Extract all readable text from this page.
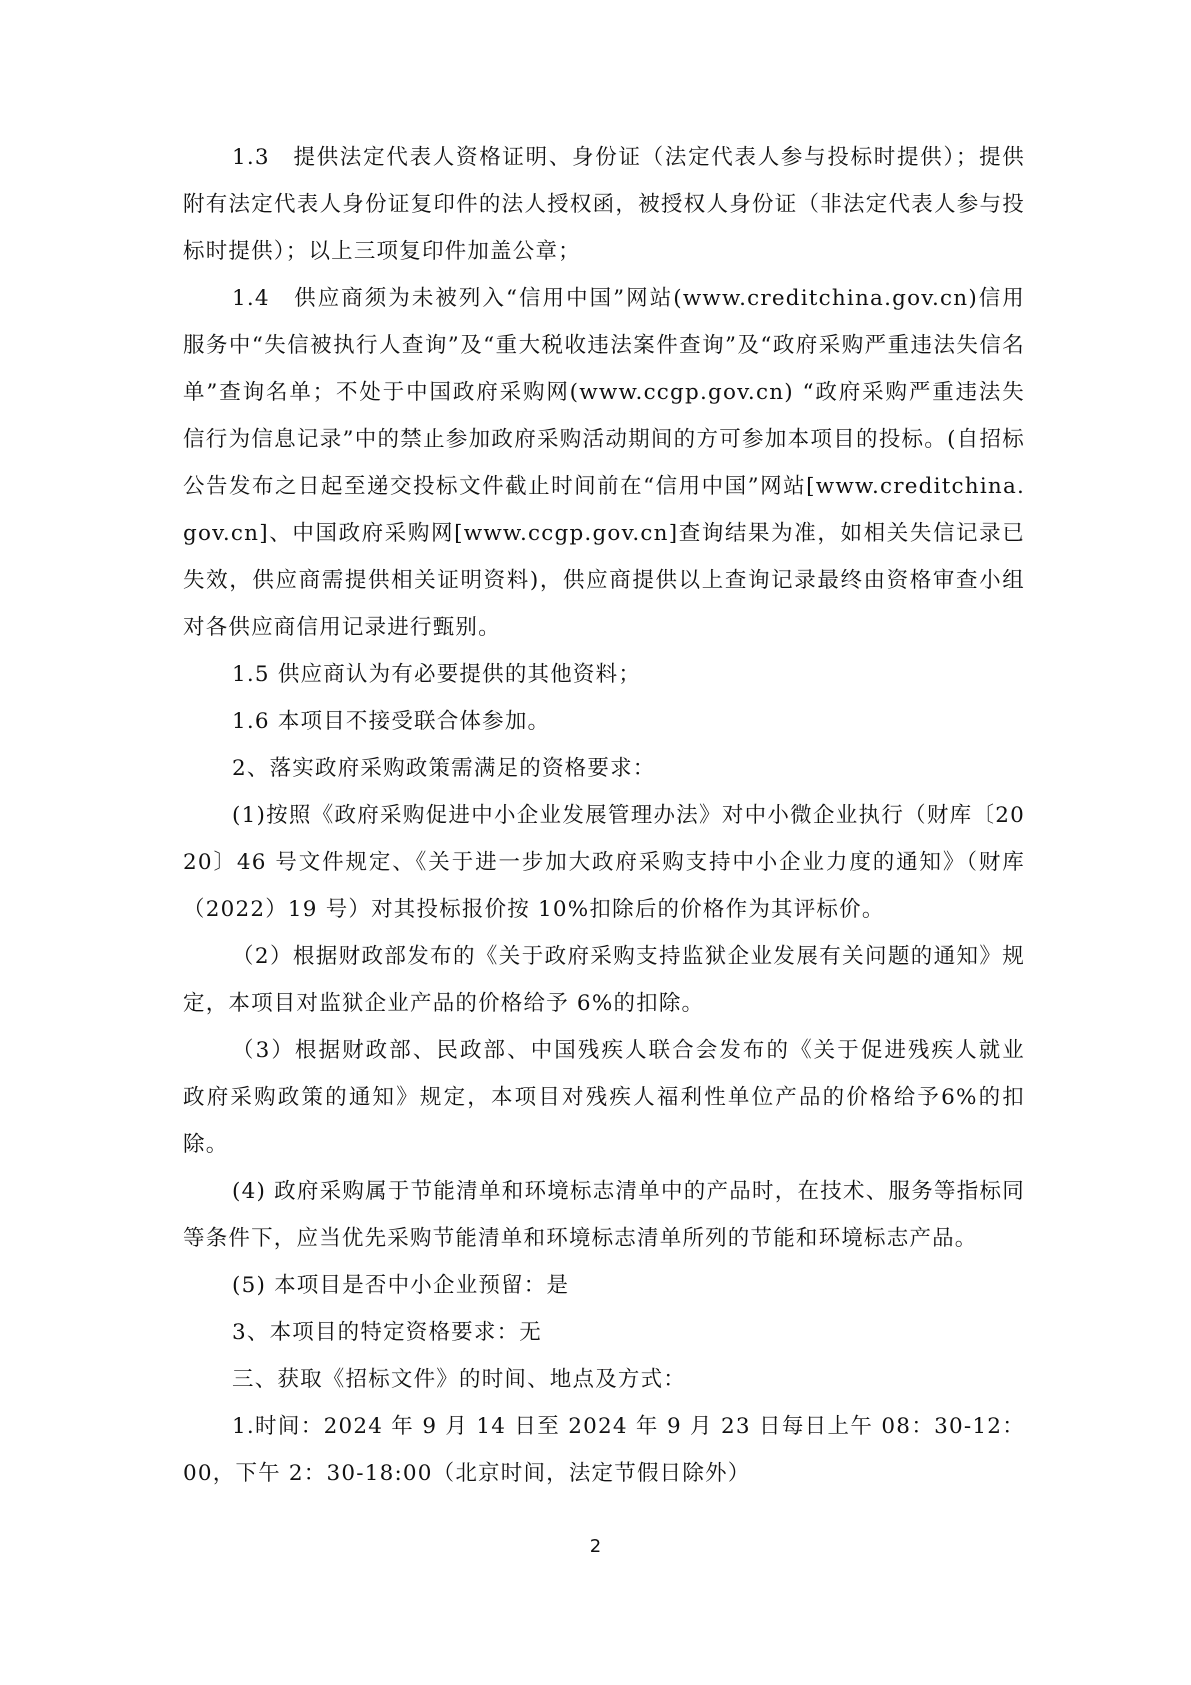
1.3　提供法定代表人资格证明、身份证（法定代表人参与投标时提供）；提供附有法定代表人身份证复印件的法人授权函，被授权人身份证（非法定代表人参与投标时提供）；以上三项复印件加盖公章；

1.4　供应商须为未被列入“信用中国”网站(www.creditchina.gov.cn)信用服务中“失信被执行人查询”及“重大税收违法案件查询”及“政府采购严重违法失信名单”查询名单；不处于中国政府采购网(www.ccgp.gov.cn) “政府采购严重违法失信行为信息记录”中的禁止参加政府采购活动期间的方可参加本项目的投标。(自招标公告发布之日起至递交投标文件截止时间前在“信用中国”网站[www.creditchina.gov.cn]、中国政府采购网[www.ccgp.gov.cn]查询结果为准，如相关失信记录已失效，供应商需提供相关证明资料)，供应商提供以上查询记录最终由资格审查小组对各供应商信用记录进行甄别。

1.5 供应商认为有必要提供的其他资料；

1.6 本项目不接受联合体参加。

2、落实政府采购政策需满足的资格要求：

(1)按照《政府采购促进中小企业发展管理办法》对中小微企业执行（财库〔2020〕46 号文件规定、《关于进一步加大政府采购支持中小企业力度的通知》（财库（2022）19 号）对其投标报价按 10%扣除后的价格作为其评标价。

（2）根据财政部发布的《关于政府采购支持监狱企业发展有关问题的通知》规定，本项目对监狱企业产品的价格给予 6%的扣除。

（3）根据财政部、民政部、中国残疾人联合会发布的《关于促进残疾人就业 政府采购政策的通知》规定，本项目对残疾人福利性单位产品的价格给予6%的扣除。

(4) 政府采购属于节能清单和环境标志清单中的产品时，在技术、服务等指标同等条件下，应当优先采购节能清单和环境标志清单所列的节能和环境标志产品。

(5) 本项目是否中小企业预留：是

3、本项目的特定资格要求：无

三、获取《招标文件》的时间、地点及方式：

1.时间：2024 年 9 月 14 日至 2024 年 9 月 23 日每日上午 08：30-12：00，下午 2：30-18:00（北京时间，法定节假日除外）

2
